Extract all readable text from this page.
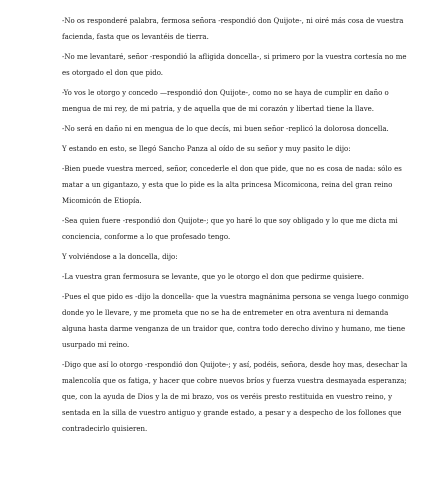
-No os responderé palabra, fermosa señora -respondió don Quijote-, ni oiré más cosa de vuestra facienda, fasta que os levantéis de tierra.

-No me levantaré, señor -respondió la afligida doncella-, si primero por la vuestra cortesía no me es otorgado el don que pido.

-Yo vos le otorgo y concedo —respondió don Quijote-, como no se haya de cumplir en daño o mengua de mi rey, de mi patria, y de aquella que de mi corazón y libertad tiene la llave.

-No será en daño ni en mengua de lo que decís, mi buen señor -replicó la dolorosa doncella.

Y estando en esto, se llegó Sancho Panza al oído de su señor y muy pasito le dijo:

-Bien puede vuestra merced, señor, concederle el don que pide, que no es cosa de nada: sólo es matar a un gigantazo, y esta que lo pide es la alta princesa Micomicona, reina del gran reino Micomicón de Etiopía.

-Sea quien fuere -respondió don Quijote-; que yo haré lo que soy obligado y lo que me dicta mi conciencia, conforme a lo que profesado tengo.

Y volviéndose a la doncella, dijo:

-La vuestra gran fermosura se levante, que yo le otorgo el don que pedirme quisiere.

-Pues el que pido es -dijo la doncella- que la vuestra magnánima persona se venga luego conmigo donde yo le llevare, y me prometa que no se ha de entremeter en otra aventura ni demanda alguna hasta darme venganza de un traidor que, contra todo derecho divino y humano, me tiene usurpado mi reino.

-Digo que así lo otorgo -respondió don Quijote-; y así, podéis, señora, desde hoy mas, desechar la malencolía que os fatiga, y hacer que cobre nuevos bríos y fuerza vuestra desmayada esperanza; que, con la ayuda de Dios y la de mi brazo, vos os veréis presto restituida en vuestro reino, y sentada en la silla de vuestro antiguo y grande estado, a pesar y a despecho de los follones que contradecirlo quisieren.
